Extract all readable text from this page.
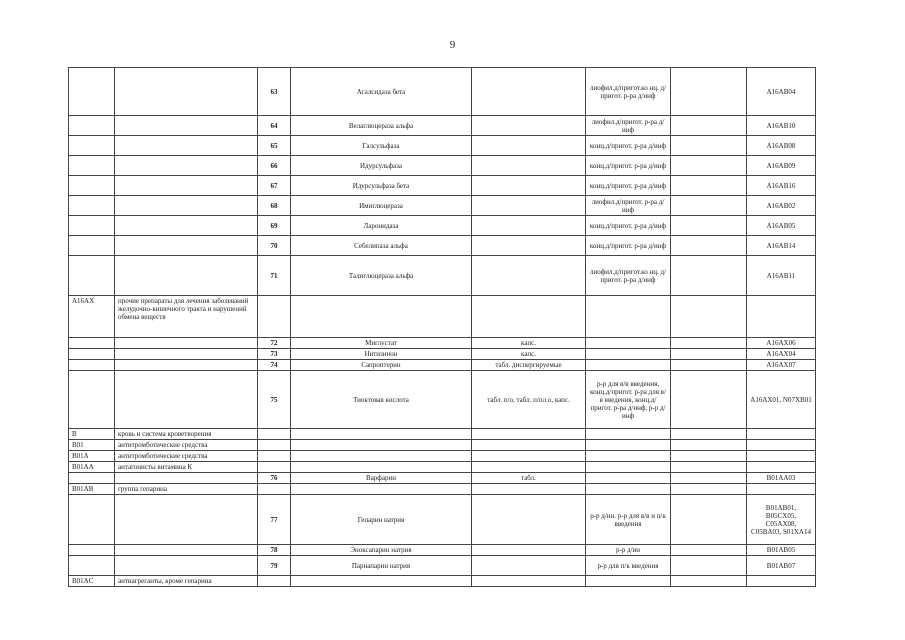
9
		63	Агалсидаза бета		лиофил.д/пригот.ко нц. д/пригот. р-ра д/инф		A16AB04
		64	Велаглюцераза альфа		лиофил.д/пригот. р-ра д/инф		A16AB10
		65	Галсульфаза		конц.д/пригот. р-ра д/инф		A16AB08
		66	Идурсульфаза		конц.д/пригот. р-ра д/инф		A16AB09
		67	Идурсульфаза бета		конц.д/пригот. р-ра д/инф		A16AB16
		68	Имиглюцераза		лиофил.д/пригот. р-ра д/инф		A16AB02
		69	Ларонидаза		конц.д/пригот. р-ра д/инф		A16AB05
		70	Себелипаза альфа		конц.д/пригот. р-ра д/инф		A16AB14
		71	Талиглюцераза альфа		лиофил.д/пригот.ко нц. д/пригот. р-ра д/инф		A16AB11
A16AX	прочие препараты для лечения заболеваний желудочно-кишечного тракта и нарушений обмена веществ						
		72	Миглустат	капс.			A16AX06
		73	Нитизинон	капс.			A16AX04
		74	Сапроптерин	табл. диспергируемые			A16AX07
		75	Тиоктовая кислота	табл. п/о, табл. п/пл.о, капс.	р-р для в/в введения, конц.д/пригот. р-ра для в/в введения, конц.д/пригот. р-ра д/инф, р-р д/инф		A16AX01, N07XB01
B	кровь и система кроветворения						
B01	антитромботические средства						
B01A	антитромботические средства						
B01AA	антагонисты витамина К						
		76	Варфарин	табл.			B01AA03
B01AB	группа гепарина						
		77	Гепарин натрия		р-р д/ин. р-р для в/в и п/к введения		B01AB01, B05CX05, C05AX08, C05BA03, S01XA14
		78	Эноксапарин натрия		р-р д/ин		B01AB05
		79	Парнапарин натрия		р-р для п/к введения		B01AB07
B01AC	антиагреганты, кроме гепарина						
